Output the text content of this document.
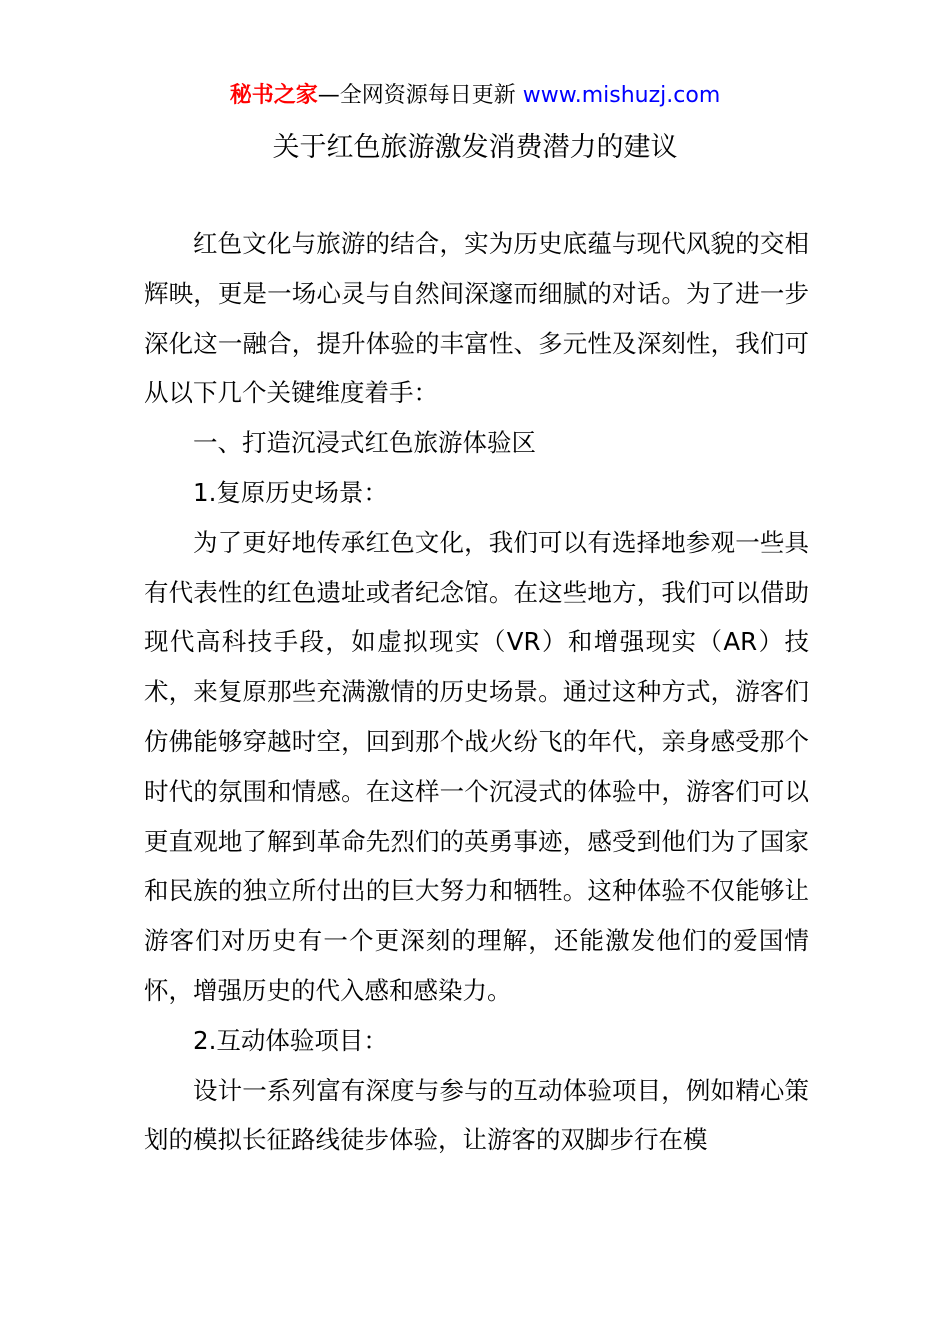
秘书之家—全网资源每日更新 www.mishuzj.com
关于红色旅游激发消费潜力的建议

红色文化与旅游的结合，实为历史底蕴与现代风貌的交相辉映，更是一场心灵与自然间深邃而细腻的对话。为了进一步深化这一融合，提升体验的丰富性、多元性及深刻性，我们可从以下几个关键维度着手：

一、打造沉浸式红色旅游体验区

1.复原历史场景：

为了更好地传承红色文化，我们可以有选择地参观一些具有代表性的红色遗址或者纪念馆。在这些地方，我们可以借助现代高科技手段，如虚拟现实（VR）和增强现实（AR）技术，来复原那些充满激情的历史场景。通过这种方式，游客们仿佛能够穿越时空，回到那个战火纷飞的年代，亲身感受那个时代的氛围和情感。在这样一个沉浸式的体验中，游客们可以更直观地了解到革命先烈们的英勇事迹，感受到他们为了国家和民族的独立所付出的巨大努力和牺牲。这种体验不仅能够让游客们对历史有一个更深刻的理解，还能激发他们的爱国情怀，增强历史的代入感和感染力。

2.互动体验项目：

设计一系列富有深度与参与的互动体验项目，例如精心策划的模拟长征路线徒步体验，让游客的双脚步行在模
